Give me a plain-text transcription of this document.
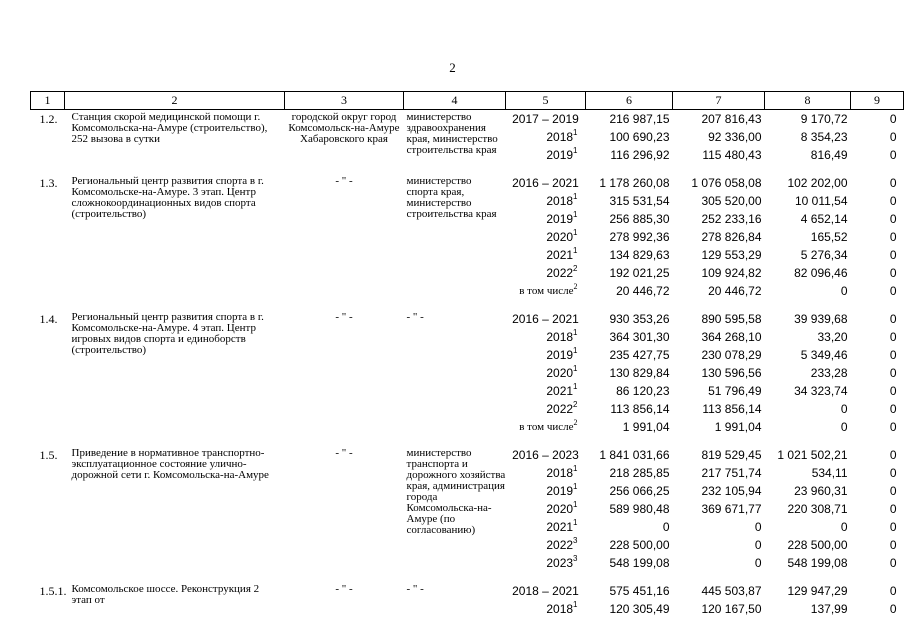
2
1	2	3	4	5	6	7	8	9
1.2.	Станция скорой медицинской помощи г. Комсомольска-на-Амуре (строительство), 252 вызова в сутки	городской округ город Комсомольск-на-Амуре Хабаровского края	министерство здравоохранения края, министерство строительства края	2017 – 2019	216 987,15	207 816,43	9 170,72	0
				2018$^1$	100 690,23	92 336,00	8 354,23	0
				2019$^1$	116 296,92	115 480,43	816,49	0

1.3.	Региональный центр развития спорта в г. Комсомольске-на-Амуре. 3 этап. Центр сложнокоординационных видов спорта (строительство)	- " -	министерство спорта края, министерство строительства края	2016 – 2021	1 178 260,08	1 076 058,08	102 202,00	0
				2018$^1$	315 531,54	305 520,00	10 011,54	0
				2019$^1$	256 885,30	252 233,16	4 652,14	0
				2020$^1$	278 992,36	278 826,84	165,52	0
				2021$^1$	134 829,63	129 553,29	5 276,34	0
				2022$^2$	192 021,25	109 924,82	82 096,46	0
				в том числе$^2$	20 446,72	20 446,72	0	0

1.4.	Региональный центр развития спорта в г. Комсомольске-на-Амуре. 4 этап. Центр игровых видов спорта и единоборств (строительство)	- " -	- " -	2016 – 2021	930 353,26	890 595,58	39 939,68	0
				2018$^1$	364 301,30	364 268,10	33,20	0
				2019$^1$	235 427,75	230 078,29	5 349,46	0
				2020$^1$	130 829,84	130 596,56	233,28	0
				2021$^1$	86 120,23	51 796,49	34 323,74	0
				2022$^2$	113 856,14	113 856,14	0	0
				в том числе$^2$	1 991,04	1 991,04	0	0

1.5.	Приведение в нормативное транспортно-эксплуатационное состояние улично-дорожной сети г. Комсомольска-на-Амуре	- " -	министерство транспорта и дорожного хозяйства края, администрация города Комсомольска-на-Амуре (по согласованию)	2016 – 2023	1 841 031,66	819 529,45	1 021 502,21	0
				2018$^1$	218 285,85	217 751,74	534,11	0
				2019$^1$	256 066,25	232 105,94	23 960,31	0
				2020$^1$	589 980,48	369 671,77	220 308,71	0
				2021$^1$	0	0	0	0
				2022$^3$	228 500,00	0	228 500,00	0
				2023$^3$	548 199,08	0	548 199,08	0

1.5.1.	Комсомольское шоссе. Реконструкция 2 этап от	- " -	- " -	2018 – 2021	575 451,16	445 503,87	129 947,29	0
				2018$^1$	120 305,49	120 167,50	137,99	0
